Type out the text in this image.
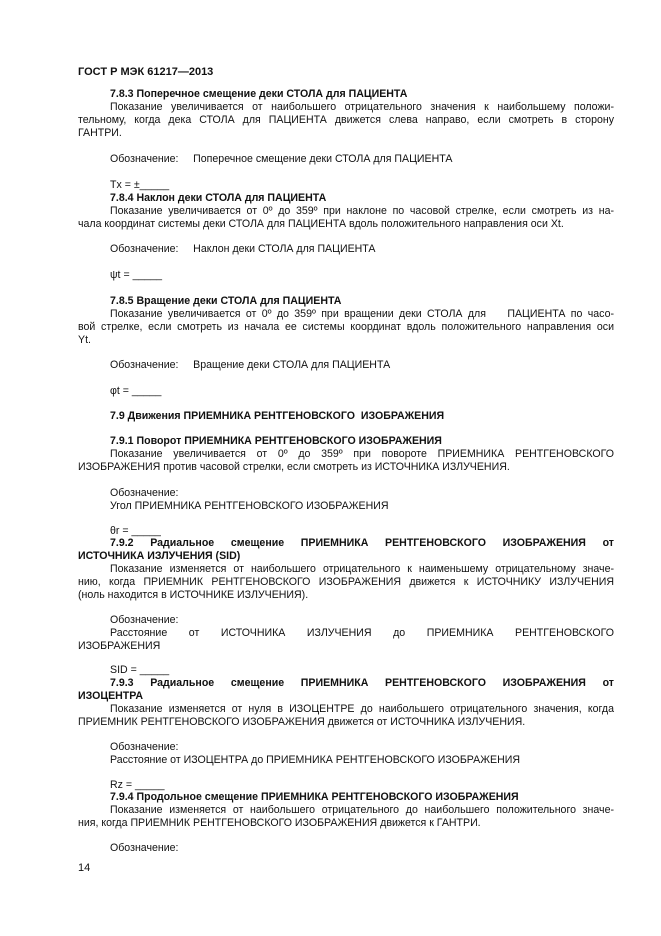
ГОСТ Р МЭК 61217—2013
7.8.3 Поперечное смещение деки СТОЛА для ПАЦИЕНТА
Показание увеличивается от наибольшего отрицательного значения к наибольшему положи-
тельному, когда дека СТОЛА для ПАЦИЕНТА движется слева направо, если смотреть в сторону
ГАНТРИ.
Обозначение:     Поперечное смещение деки СТОЛА для ПАЦИЕНТА
Tx = ±_____
7.8.4 Наклон деки СТОЛА для ПАЦИЕНТА
Показание увеличивается от 0º до 359º при наклоне по часовой стрелке, если смотреть из на-
чала координат системы деки СТОЛА для ПАЦИЕНТА вдоль положительного направления оси Xt.
Обозначение:     Наклон деки СТОЛА для ПАЦИЕНТА
ψt = _____
7.8.5 Вращение деки СТОЛА для ПАЦИЕНТА
Показание увеличивается от 0º до 359º при вращении деки СТОЛА для    ПАЦИЕНТА по часо-
вой стрелке, если смотреть из начала ее системы координат вдоль положительного направления оси
Yt.
Обозначение:     Вращение деки СТОЛА для ПАЦИЕНТА
φt = _____
7.9 Движения ПРИЕМНИКА РЕНТГЕНОВСКОГО  ИЗОБРАЖЕНИЯ
7.9.1 Поворот ПРИЕМНИКА РЕНТГЕНОВСКОГО ИЗОБРАЖЕНИЯ
Показание увеличивается от 0º до 359º при повороте ПРИЕМНИКА РЕНТГЕНОВСКОГО
ИЗОБРАЖЕНИЯ против часовой стрелки, если смотреть из ИСТОЧНИКА ИЗЛУЧЕНИЯ.
Обозначение:
Угол ПРИЕМНИКА РЕНТГЕНОВСКОГО ИЗОБРАЖЕНИЯ
θr = _____
7.9.2 Радиальное смещение ПРИЕМНИКА РЕНТГЕНОВСКОГО ИЗОБРАЖЕНИЯ от
ИСТОЧНИКА ИЗЛУЧЕНИЯ (SID)
Показание изменяется от наибольшего отрицательного к наименьшему отрицательному значе-
нию, когда ПРИЕМНИК РЕНТГЕНОВСКОГО ИЗОБРАЖЕНИЯ движется к ИСТОЧНИКУ ИЗЛУЧЕНИЯ
(ноль находится в ИСТОЧНИКЕ ИЗЛУЧЕНИЯ).
Обозначение:
Расстояние от ИСТОЧНИКА ИЗЛУЧЕНИЯ до ПРИЕМНИКА РЕНТГЕНОВСКОГО
ИЗОБРАЖЕНИЯ
SID = _____
7.9.3 Радиальное смещение ПРИЕМНИКА РЕНТГЕНОВСКОГО ИЗОБРАЖЕНИЯ от
ИЗОЦЕНТРА
Показание изменяется от нуля в ИЗОЦЕНТРЕ до наибольшего отрицательного значения, когда
ПРИЕМНИК РЕНТГЕНОВСКОГО ИЗОБРАЖЕНИЯ движется от ИСТОЧНИКА ИЗЛУЧЕНИЯ.
Обозначение:
Расстояние от ИЗОЦЕНТРА до ПРИЕМНИКА РЕНТГЕНОВСКОГО ИЗОБРАЖЕНИЯ
Rz = _____
7.9.4 Продольное смещение ПРИЕМНИКА РЕНТГЕНОВСКОГО ИЗОБРАЖЕНИЯ
Показание изменяется от наибольшего отрицательного до наибольшего положительного значе-
ния, когда ПРИЕМНИК РЕНТГЕНОВСКОГО ИЗОБРАЖЕНИЯ движется к ГАНТРИ.
Обозначение:
14
